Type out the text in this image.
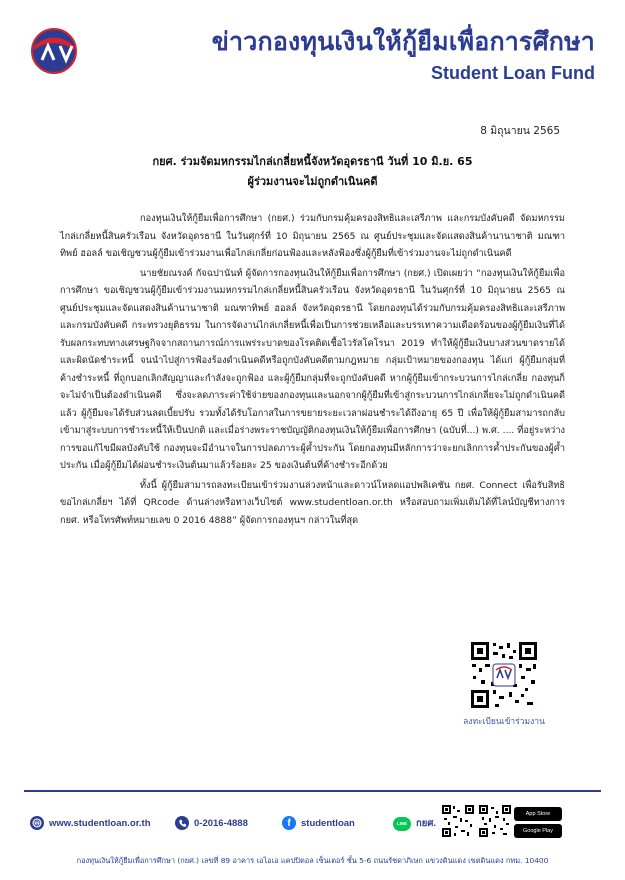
ข่าวกองทุนเงินให้กู้ยืมเพื่อการศึกษา
Student Loan Fund
8 มิถุนายน 2565
กยศ. ร่วมจัดมหกรรมไกล่เกลี่ยหนี้จังหวัดอุดรธานี วันที่ 10 มิ.ย. 65
ผู้ร่วมงานจะไม่ถูกดำเนินคดี

กองทุนเงินให้กู้ยืมเพื่อการศึกษา (กยศ.) ร่วมกับกรมคุ้มครองสิทธิและเสรีภาพ และกรมบังคับคดี จัดมหกรรมไกล่เกลี่ยหนี้สินครัวเรือน จังหวัดอุดรธานี ในวันศุกร์ที่ 10 มิถุนายน 2565 ณ ศูนย์ประชุมและจัดแสดงสินค้านานาชาติ มณฑาทิพย์ ฮอลล์ ขอเชิญชวนผู้กู้ยืมเข้าร่วมงานเพื่อไกล่เกลี่ยก่อนฟ้องและหลังฟ้องซึ่งผู้กู้ยืมที่เข้าร่วมงานจะไม่ถูกดำเนินคดี

นายชัยณรงค์ กัจฉปานันท์ ผู้จัดการกองทุนเงินให้กู้ยืมเพื่อการศึกษา (กยศ.) เปิดเผยว่า “กองทุนเงินให้กู้ยืมเพื่อการศึกษา ขอเชิญชวนผู้กู้ยืมเข้าร่วมงานมหกรรมไกล่เกลี่ยหนี้สินครัวเรือน จังหวัดอุดรธานี ในวันศุกร์ที่ 10 มิถุนายน 2565 ณ ศูนย์ประชุมและจัดแสดงสินค้านานาชาติ มณฑาทิพย์ ฮอลล์ จังหวัดอุดรธานี โดยกองทุนได้ร่วมกับกรมคุ้มครองสิทธิและเสรีภาพ และกรมบังคับคดี กระทรวงยุติธรรม ในการจัดงานไกล่เกลี่ยหนี้เพื่อเป็นการช่วยเหลือและบรรเทาความเดือดร้อนของผู้กู้ยืมเงินที่ได้รับผลกระทบทางเศรษฐกิจจากสถานการณ์การแพร่ระบาดของโรคติดเชื้อไวรัสโคโรนา 2019 ทำให้ผู้กู้ยืมเงินบางส่วนขาดรายได้และผิดนัดชำระหนี้ จนนำไปสู่การฟ้องร้องดำเนินคดีหรือถูกบังคับคดีตามกฎหมาย กลุ่มเป้าหมายของกองทุน ได้แก่ ผู้กู้ยืมกลุ่มที่ค้างชำระหนี้ ที่ถูกบอกเลิกสัญญาและกำลังจะถูกฟ้อง และผู้กู้ยืมกลุ่มที่จะถูกบังคับคดี หากผู้กู้ยืมเข้ากระบวนการไกล่เกลี่ย กองทุนก็จะไม่จำเป็นต้องดำเนินคดี ซึ่งจะลดภาระค่าใช้จ่ายของกองทุนและนอกจากผู้กู้ยืมที่เข้าสู่กระบวนการไกล่เกลี่ยจะไม่ถูกดำเนินคดีแล้ว ผู้กู้ยืมจะได้รับส่วนลดเบี้ยปรับ รวมทั้งได้รับโอกาสในการขยายระยะเวลาผ่อนชำระได้ถึงอายุ 65 ปี เพื่อให้ผู้กู้ยืมสามารถกลับเข้ามาสู่ระบบการชำระหนี้ให้เป็นปกติ และเมื่อร่างพระราชบัญญัติกองทุนเงินให้กู้ยืมเพื่อการศึกษา (ฉบับที่...) พ.ศ. .... ที่อยู่ระหว่างการขอแก้ไขมีผลบังคับใช้ กองทุนจะมีอำนาจในการปลดภาระผู้ค้ำประกัน โดยกองทุนมีหลักการว่าจะยกเลิกการค้ำประกันของผู้ค้ำประกัน เมื่อผู้กู้ยืมได้ผ่อนชำระเงินต้นมาแล้วร้อยละ 25 ของเงินต้นที่ค้างชำระอีกด้วย

ทั้งนี้ ผู้กู้ยืมสามารถลงทะเบียนเข้าร่วมงานล่วงหน้าและดาวน์โหลดแอปพลิเคชัน กยศ. Connect เพื่อรับสิทธิขอไกล่เกลี่ยฯ ได้ที่ QRcode ด้านล่างหรือทางเว็บไซต์ www.studentloan.or.th หรือสอบถามเพิ่มเติมได้ที่ไลน์บัญชีทางการ กยศ. หรือโทรศัพท์หมายเลข 0 2016 4888” ผู้จัดการกองทุนฯ กล่าวในที่สุด

ลงทะเบียนเข้าร่วมงาน
www.studentloan.or.th	0-2016-4888	f	studentloan	LINE กยศ.
App Store
Google Play
กองทุนเงินให้กู้ยืมเพื่อการศึกษา (กยศ.) เลขที่ 89 อาคาร เอไอเอ แคปปิตอล เซ็นเตอร์ ชั้น 5-6 ถนนรัชดาภิเษก แขวงดินแดง เขตดินแดง กทม. 10400
